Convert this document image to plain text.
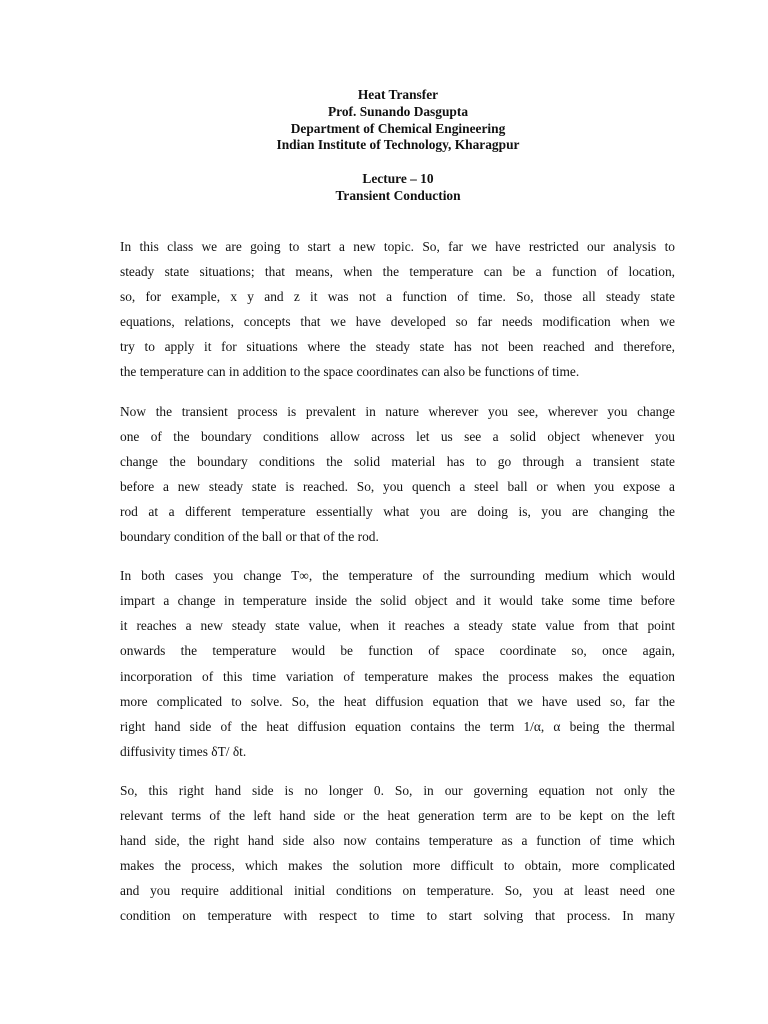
Heat Transfer
Prof. Sunando Dasgupta
Department of Chemical Engineering
Indian Institute of Technology, Kharagpur
Lecture – 10
Transient Conduction
In this class we are going to start a new topic. So, far we have restricted our analysis to
steady state situations; that means, when the temperature can be a function of location,
so, for example, x y and z it was not a function of time. So, those all steady state
equations, relations, concepts that we have developed so far needs modification when we
try to apply it for situations where the steady state has not been reached and therefore,
the temperature can in addition to the space coordinates can also be functions of time.
Now the transient process is prevalent in nature wherever you see, wherever you change
one of the boundary conditions allow across let us see a solid object whenever you
change the boundary conditions the solid material has to go through a transient state
before a new steady state is reached. So, you quench a steel ball or when you expose a
rod at a different temperature essentially what you are doing is, you are changing the
boundary condition of the ball or that of the rod.
In both cases you change T∞, the temperature of the surrounding medium which would
impart a change in temperature inside the solid object and it would take some time before
it reaches a new steady state value, when it reaches a steady state value from that point
onwards the temperature would be function of space coordinate so, once again,
incorporation of this time variation of temperature makes the process makes the equation
more complicated to solve. So, the heat diffusion equation that we have used so, far the
right hand side of the heat diffusion equation contains the term 1/α, α being the thermal
diffusivity times δT/ δt.
So, this right hand side is no longer 0. So, in our governing equation not only the
relevant terms of the left hand side or the heat generation term are to be kept on the left
hand side, the right hand side also now contains temperature as a function of time which
makes the process, which makes the solution more difficult to obtain, more complicated
and you require additional initial conditions on temperature. So, you at least need one
condition on temperature with respect to time to start solving that process. In many
